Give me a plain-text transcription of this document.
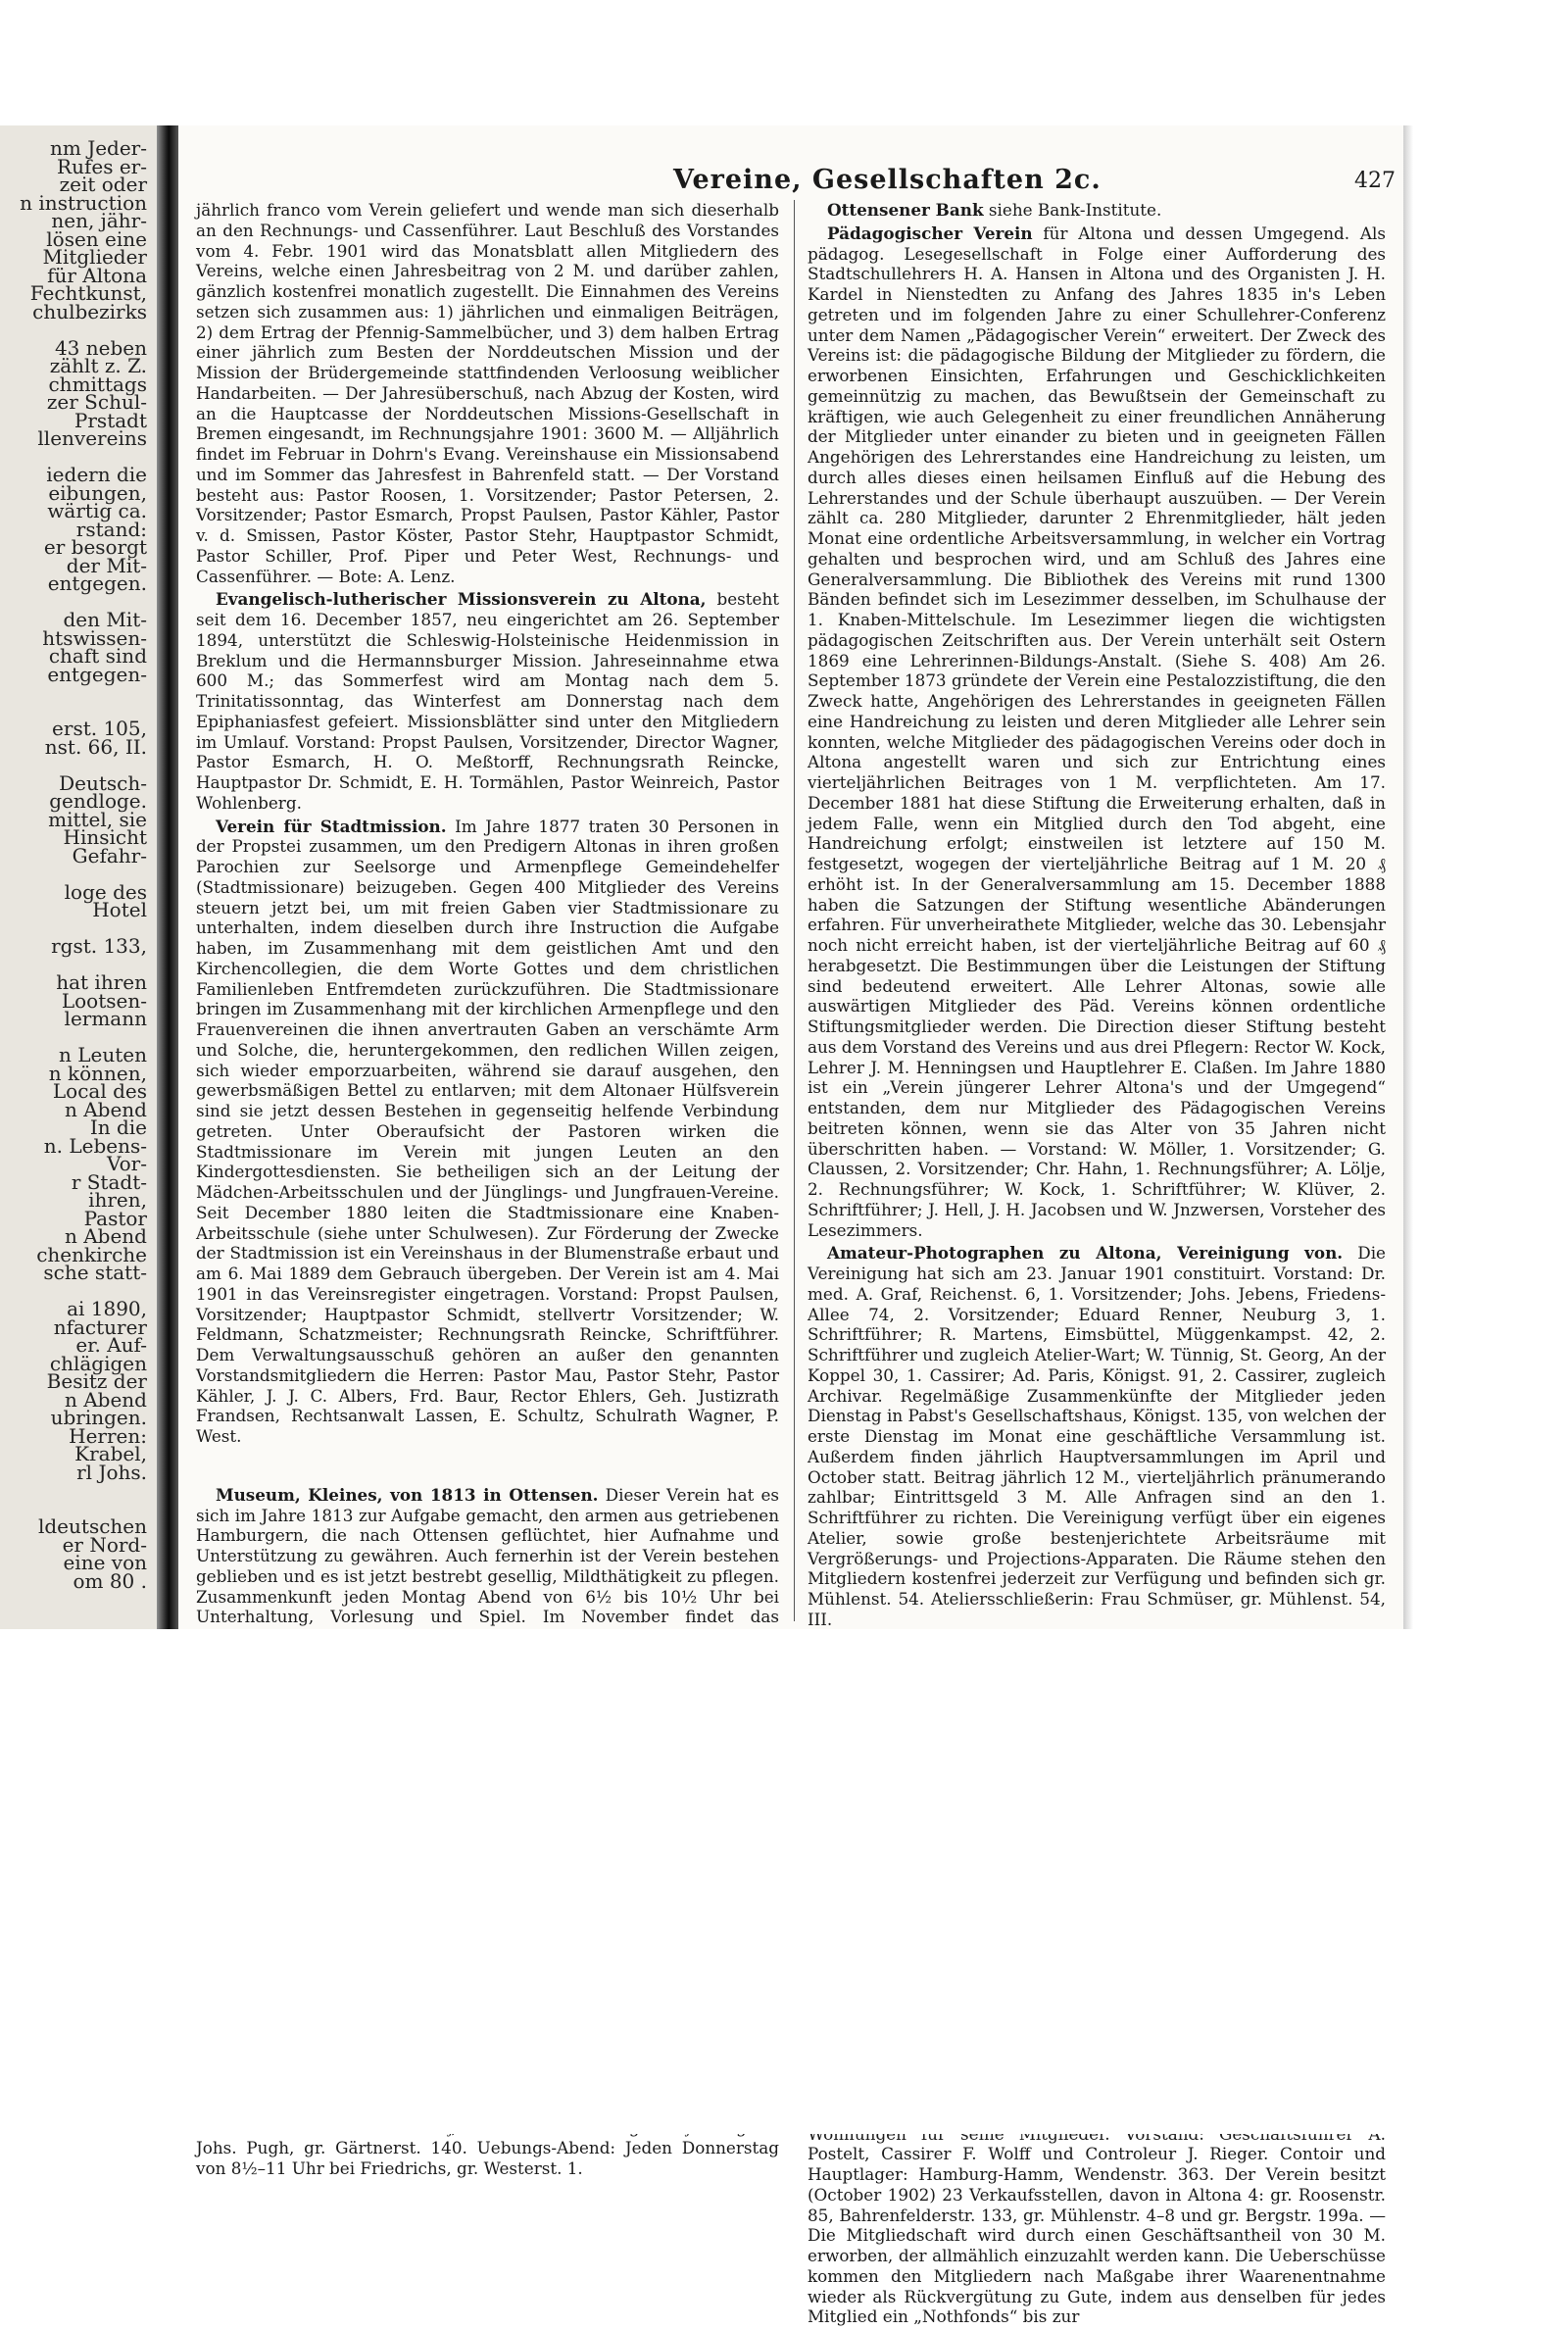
nm Jeder-
Rufes er-
zeit oder
n instruction
nen, jähr-
lösen eine
Mitglieder
für Altona
Fechtkunst,
chulbezirks
43 neben
zählt z. Z.
chmittags
zer Schul-
Prstadt
llenvereins
iedern die
eibungen,
wärtig ca.
rstand:
er besorgt
der Mit-
entgegen.
den Mit-
htswissen-
chaft sind
entgegen-
erst. 105,
nst. 66, II.
Deutsch-
gendloge.
mittel, sie
Hinsicht
Gefahr-
loge des
Hotel
rgst. 133,
hat ihren
Lootsen-
lermann
n Leuten
n können,
Local des
n Abend
In die
n. Lebens-
Vor-
r Stadt-
ihren,
Pastor
n Abend
chenkirche
sche statt-
ai 1890,
nfacturer
er. Auf-
chlägigen
Besitz der
n Abend
ubringen.
Herren:
Krabel,
rl Johs.
ldeutschen
er Nord-
eine von
om 80 .
Vereine, Gesellschaften 2c.	427

jährlich franco vom Verein geliefert und wende man sich dieserhalb an den Rechnungs- und Cassenführer. Laut Beschluß des Vorstandes vom 4. Febr. 1901 wird das Monatsblatt allen Mitgliedern des Vereins, welche einen Jahresbeitrag von 2 M. und darüber zahlen, gänzlich kostenfrei monatlich zugestellt. Die Einnahmen des Vereins setzen sich zusammen aus: 1) jährlichen und einmaligen Beiträgen, 2) dem Ertrag der Pfennig-Sammelbücher, und 3) dem halben Ertrag einer jährlich zum Besten der Norddeutschen Mission und der Mission der Brüdergemeinde stattfindenden Verloosung weiblicher Handarbeiten. — Der Jahresüberschuß, nach Abzug der Kosten, wird an die Hauptcasse der Norddeutschen Missions-Gesellschaft in Bremen eingesandt, im Rechnungsjahre 1901: 3600 M. — Alljährlich findet im Februar in Dohrn's Evang. Vereinshause ein Missionsabend und im Sommer das Jahresfest in Bahrenfeld statt. — Der Vorstand besteht aus: Pastor Roosen, 1. Vorsitzender; Pastor Petersen, 2. Vorsitzender; Pastor Esmarch, Propst Paulsen, Pastor Kähler, Pastor v. d. Smissen, Pastor Köster, Pastor Stehr, Hauptpastor Schmidt, Pastor Schiller, Prof. Piper und Peter West, Rechnungs- und Cassenführer. — Bote: A. Lenz.

Evangelisch-lutherischer Missionsverein zu Altona, besteht seit dem 16. December 1857, neu eingerichtet am 26. September 1894, unterstützt die Schleswig-Holsteinische Heidenmission in Breklum und die Hermannsburger Mission. Jahreseinnahme etwa 600 M.; das Sommerfest wird am Montag nach dem 5. Trinitatissonntag, das Winterfest am Donnerstag nach dem Epiphaniasfest gefeiert. Missionsblätter sind unter den Mitgliedern im Umlauf. Vorstand: Propst Paulsen, Vorsitzender, Director Wagner, Pastor Esmarch, H. O. Meßtorff, Rechnungsrath Reincke, Hauptpastor Dr. Schmidt, E. H. Tormählen, Pastor Weinreich, Pastor Wohlenberg.

Verein für Stadtmission. Im Jahre 1877 traten 30 Personen in der Propstei zusammen, um den Predigern Altonas in ihren großen Parochien zur Seelsorge und Armenpflege Gemeindehelfer (Stadtmissionare) beizugeben. Gegen 400 Mitglieder des Vereins steuern jetzt bei, um mit freien Gaben vier Stadtmissionare zu unterhalten, indem dieselben durch ihre Instruction die Aufgabe haben, im Zusammenhang mit dem geistlichen Amt und den Kirchencollegien, die dem Worte Gottes und dem christlichen Familienleben Entfremdeten zurückzuführen. Die Stadtmissionare bringen im Zusammenhang mit der kirchlichen Armenpflege und den Frauenvereinen die ihnen anvertrauten Gaben an verschämte Arm und Solche, die, heruntergekommen, den redlichen Willen zeigen, sich wieder emporzuarbeiten, während sie darauf ausgehen, den gewerbsmäßigen Bettel zu entlarven; mit dem Altonaer Hülfsverein sind sie jetzt dessen Bestehen in gegenseitig helfende Verbindung getreten. Unter Oberaufsicht der Pastoren wirken die Stadtmissionare im Verein mit jungen Leuten an den Kindergottesdiensten. Sie betheiligen sich an der Leitung der Mädchen-Arbeitsschulen und der Jünglings- und Jungfrauen-Vereine. Seit December 1880 leiten die Stadtmissionare eine Knaben-Arbeitsschule (siehe unter Schulwesen). Zur Förderung der Zwecke der Stadtmission ist ein Vereinshaus in der Blumenstraße erbaut und am 6. Mai 1889 dem Gebrauch übergeben. Der Verein ist am 4. Mai 1901 in das Vereinsregister eingetragen. Vorstand: Propst Paulsen, Vorsitzender; Hauptpastor Schmidt, stellvertr Vorsitzender; W. Feldmann, Schatzmeister; Rechnungsrath Reincke, Schriftführer. Dem Verwaltungsausschuß gehören an außer den genannten Vorstandsmitgliedern die Herren: Pastor Mau, Pastor Stehr, Pastor Kähler, J. J. C. Albers, Frd. Baur, Rector Ehlers, Geh. Justizrath Frandsen, Rechtsanwalt Lassen, E. Schultz, Schulrath Wagner, P. West.

Museum, Kleines, von 1813 in Ottensen. Dieser Verein hat es sich im Jahre 1813 zur Aufgabe gemacht, den armen aus getriebenen Hamburgern, die nach Ottensen geflüchtet, hier Aufnahme und Unterstützung zu gewähren. Auch fernerhin ist der Verein bestehen geblieben und es ist jetzt bestrebt gesellig, Mildthätigkeit zu pflegen. Zusammenkunft jeden Montag Abend von 6½ bis 10½ Uhr bei Unterhaltung, Vorlesung und Spiel. Im November findet das

Johs. Pugh, gr. Gärtnerst. 140. Uebungs-Abend: Jeden Donnerstag von 8½–11 Uhr bei Friedrichs, gr. Westerst. 1.

Ottensener Bank siehe Bank-Institute.

Pädagogischer Verein für Altona und dessen Umgegend. Als pädagog. Lesegesellschaft in Folge einer Aufforderung des Stadtschullehrers H. A. Hansen in Altona und des Organisten J. H. Kardel in Nienstedten zu Anfang des Jahres 1835 in's Leben getreten und im folgenden Jahre zu einer Schullehrer-Conferenz unter dem Namen „Pädagogischer Verein“ erweitert. Der Zweck des Vereins ist: die pädagogische Bildung der Mitglieder zu fördern, die erworbenen Einsichten, Erfahrungen und Geschicklichkeiten gemeinnützig zu machen, das Bewußtsein der Gemeinschaft zu kräftigen, wie auch Gelegenheit zu einer freundlichen Annäherung der Mitglieder unter einander zu bieten und in geeigneten Fällen Angehörigen des Lehrerstandes eine Handreichung zu leisten, um durch alles dieses einen heilsamen Einfluß auf die Hebung des Lehrerstandes und der Schule überhaupt auszuüben. — Der Verein zählt ca. 280 Mitglieder, darunter 2 Ehrenmitglieder, hält jeden Monat eine ordentliche Arbeitsversammlung, in welcher ein Vortrag gehalten und besprochen wird, und am Schluß des Jahres eine Generalversammlung. Die Bibliothek des Vereins mit rund 1300 Bänden befindet sich im Lesezimmer desselben, im Schulhause der 1. Knaben-Mittelschule. Im Lesezimmer liegen die wichtigsten pädagogischen Zeitschriften aus. Der Verein unterhält seit Ostern 1869 eine Lehrerinnen-Bildungs-Anstalt. (Siehe S. 408) Am 26. September 1873 gründete der Verein eine Pestalozzistiftung, die den Zweck hatte, Angehörigen des Lehrerstandes in geeigneten Fällen eine Handreichung zu leisten und deren Mitglieder alle Lehrer sein konnten, welche Mitglieder des pädagogischen Vereins oder doch in Altona angestellt waren und sich zur Entrichtung eines vierteljährlichen Beitrages von 1 M. verpflichteten. Am 17. December 1881 hat diese Stiftung die Erweiterung erhalten, daß in jedem Falle, wenn ein Mitglied durch den Tod abgeht, eine Handreichung erfolgt; einstweilen ist letztere auf 150 M. festgesetzt, wogegen der vierteljährliche Beitrag auf 1 M. 20 ₰ erhöht ist. In der Generalversammlung am 15. December 1888 haben die Satzungen der Stiftung wesentliche Abänderungen erfahren. Für unverheirathete Mitglieder, welche das 30. Lebensjahr noch nicht erreicht haben, ist der vierteljährliche Beitrag auf 60 ₰ herabgesetzt. Die Bestimmungen über die Leistungen der Stiftung sind bedeutend erweitert. Alle Lehrer Altonas, sowie alle auswärtigen Mitglieder des Päd. Vereins können ordentliche Stiftungsmitglieder werden. Die Direction dieser Stiftung besteht aus dem Vorstand des Vereins und aus drei Pflegern: Rector W. Kock, Lehrer J. M. Henningsen und Hauptlehrer E. Claßen. Im Jahre 1880 ist ein „Verein jüngerer Lehrer Altona's und der Umgegend“ entstanden, dem nur Mitglieder des Pädagogischen Vereins beitreten können, wenn sie das Alter von 35 Jahren nicht überschritten haben. — Vorstand: W. Möller, 1. Vorsitzender; G. Claussen, 2. Vorsitzender; Chr. Hahn, 1. Rechnungsführer; A. Lölje, 2. Rechnungsführer; W. Kock, 1. Schriftführer; W. Klüver, 2. Schriftführer; J. Hell, J. H. Jacobsen und W. Jnzwersen, Vorsteher des Lesezimmers.

Amateur-Photographen zu Altona, Vereinigung von. Die Vereinigung hat sich am 23. Januar 1901 constituirt. Vorstand: Dr. med. A. Graf, Reichenst. 6, 1. Vorsitzender; Johs. Jebens, Friedens-Allee 74, 2. Vorsitzender; Eduard Renner, Neuburg 3, 1. Schriftführer; R. Martens, Eimsbüttel, Müggenkampst. 42, 2. Schriftführer und zugleich Atelier-Wart; W. Tünnig, St. Georg, An der Koppel 30, 1. Cassirer; Ad. Paris, Königst. 91, 2. Cassirer, zugleich Archivar. Regelmäßige Zusammenkünfte der Mitglieder jeden Dienstag in Pabst's Gesellschaftshaus, Königst. 135, von welchen der erste Dienstag im Monat eine geschäftliche Versammlung ist. Außerdem finden jährlich Hauptversammlungen im April und October statt. Beitrag jährlich 12 M., vierteljährlich pränumerando zahlbar; Eintrittsgeld 3 M. Alle Anfragen sind an den 1. Schriftführer zu richten. Die Vereinigung verfügt über ein eigenes Atelier, sowie große bestenjerichtete Arbeitsräume mit Vergrößerungs- und Projections-Apparaten. Die Räume stehen den Mitgliedern kostenfrei jederzeit zur Verfügung und befinden sich gr. Mühlenst. 54. Ateliersschließerin: Frau Schmüser, gr. Mühlenst. 54, III.

Postelt, Cassirer F. Wolff und Controleur J. Rieger. Contoir und Hauptlager: Hamburg-Hamm, Wendenstr. 363. Der Verein besitzt (October 1902) 23 Verkaufsstellen, davon in Altona 4: gr. Roosenstr. 85, Bahrenfelderstr. 133, gr. Mühlenstr. 4–8 und gr. Bergstr. 199a. — Die Mitgliedschaft wird durch einen Geschäftsantheil von 30 M. erworben, der allmählich einzuzahlt werden kann. Die Ueberschüsse kommen den Mitgliedern nach Maßgabe ihrer Waarenentnahme wieder als Rückvergütung zu Gute, indem aus denselben für jedes Mitglied ein „Nothfonds“ bis zur
